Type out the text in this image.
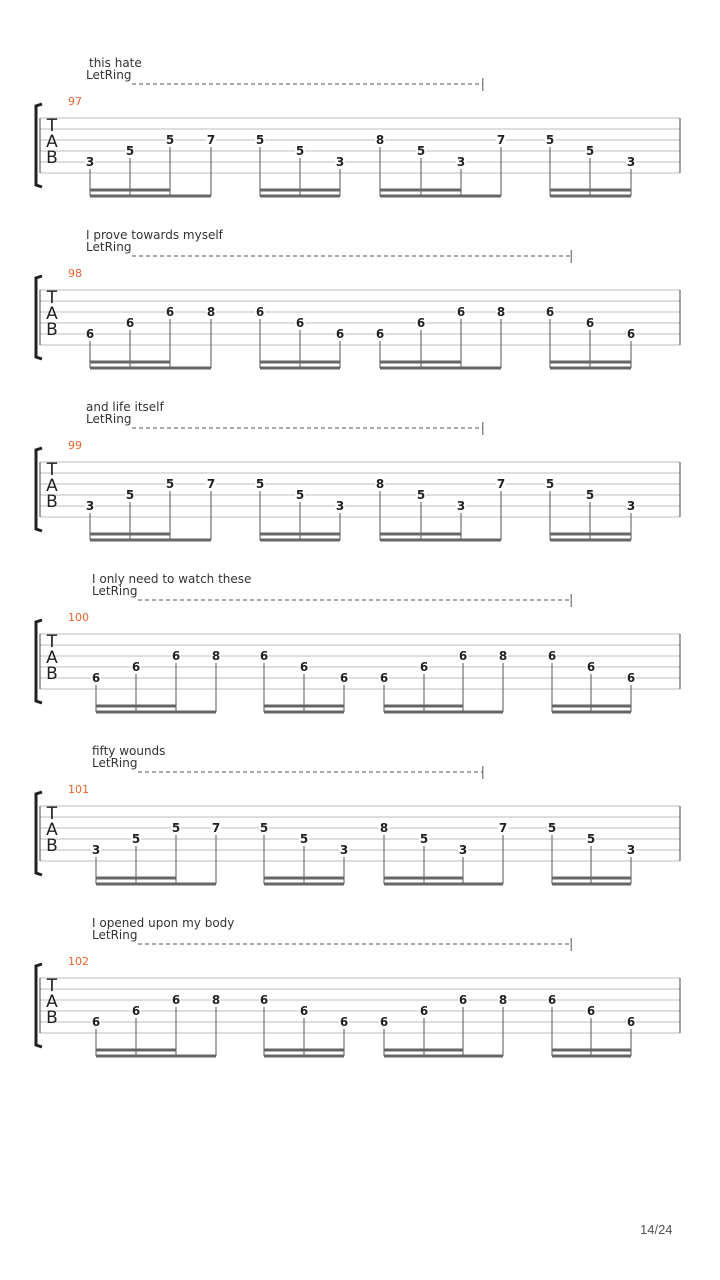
this hate
LetRing
97
T
A
B 3
5
5	7	5
5
3
8
5
3
7	5
5
3
I prove towards myself
LetRing
98
T
A
B 6
6
6	8	6
6
6	6
6
6	8	6
6
6
and life itself
LetRing
99
T
A
B 3
5
5	7	5
5
3
8
5
3
7	5
5
3
I only need to watch these
LetRing
100
T
A
B	6
6
6	8	6
6
6	6
6
6	8	6
6
6
fifty wounds
LetRing
101
T
A
B	3
5
5	7	5
5
3
8
5
3
7	5
5
3
I opened upon my body
LetRing
102
T
A
B	6
6
6	8	6
6
6	6
6
6	8	6
6
6
14/24
